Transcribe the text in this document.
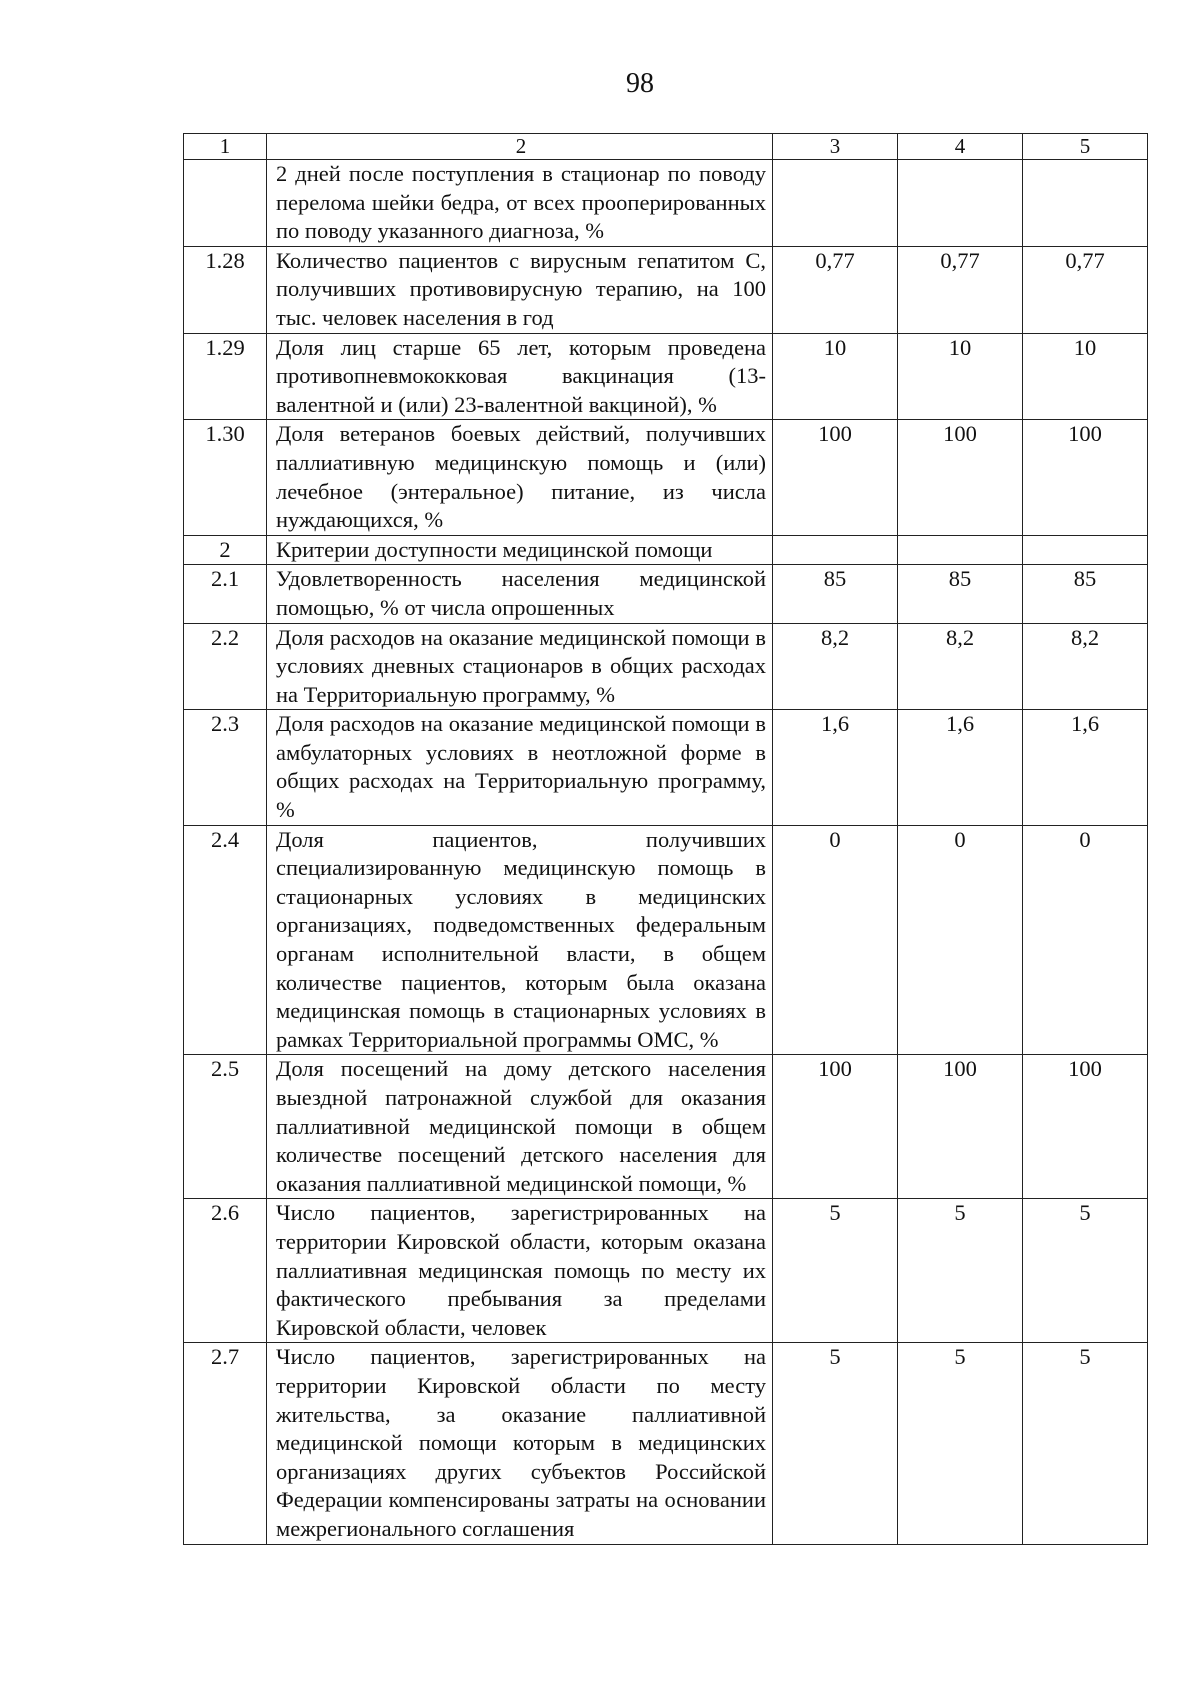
98
1	2	3	4	5
	2 дней после поступления в стационар по поводу перелома шейки бедра, от всех прооперированных по поводу указанного диагноза, %			
1.28	Количество пациентов с вирусным гепатитом С, получивших противовирусную терапию, на 100 тыс. человек населения в год	0,77	0,77	0,77
1.29	Доля лиц старше 65 лет, которым проведена противопневмококковая вакцинация (13-валентной и (или) 23-валентной вакциной), %	10	10	10
1.30	Доля ветеранов боевых действий, получивших паллиативную медицинскую помощь и (или) лечебное (энтеральное) питание, из числа нуждающихся, %	100	100	100
2	Критерии доступности медицинской помощи			
2.1	Удовлетворенность населения медицинской помощью, % от числа опрошенных	85	85	85
2.2	Доля расходов на оказание медицинской помощи в условиях дневных стационаров в общих расходах на Территориальную программу, %	8,2	8,2	8,2
2.3	Доля расходов на оказание медицинской помощи в амбулаторных условиях в неотложной форме в общих расходах на Территориальную программу, %	1,6	1,6	1,6
2.4	Доля пациентов, получивших специализированную медицинскую помощь в стационарных условиях в медицинских организациях, подведомственных федеральным органам исполнительной власти, в общем количестве пациентов, которым была оказана медицинская помощь в стационарных условиях в рамках Территориальной программы ОМС, %	0	0	0
2.5	Доля посещений на дому детского населения выездной патронажной службой для оказания паллиативной медицинской помощи в общем количестве посещений детского населения для оказания паллиативной медицинской помощи, %	100	100	100
2.6	Число пациентов, зарегистрированных на территории Кировской области, которым оказана паллиативная медицинская помощь по месту их фактического пребывания за пределами Кировской области, человек	5	5	5
2.7	Число пациентов, зарегистрированных на территории Кировской области по месту жительства, за оказание паллиативной медицинской помощи которым в медицинских организациях других субъектов Российской Федерации компенсированы затраты на основании межрегионального соглашения	5	5	5
